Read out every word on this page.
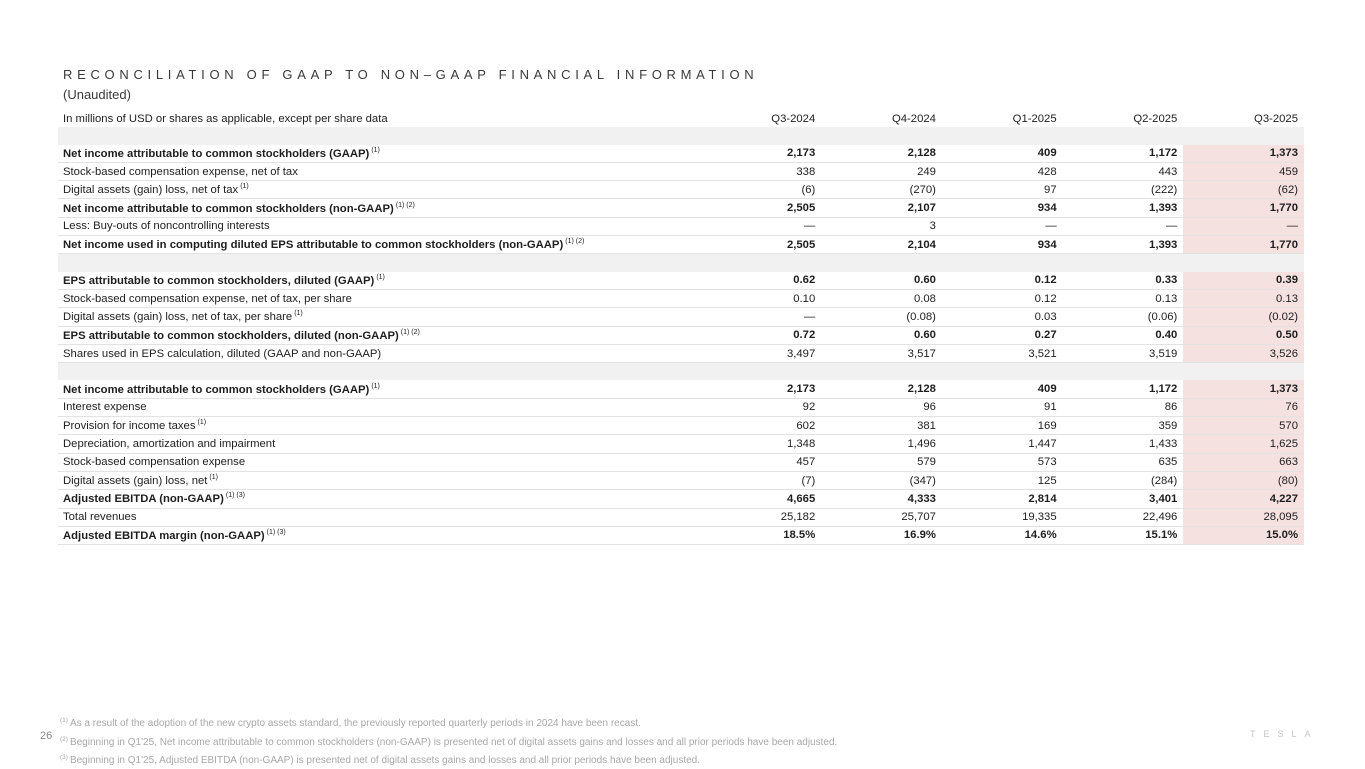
RECONCILIATION OF GAAP TO NON–GAAP FINANCIAL INFORMATION
(Unaudited)
In millions of USD or shares as applicable, except per share data	Q3-2024	Q4-2024	Q1-2025	Q2-2025	Q3-2025

Net income attributable to common stockholders (GAAP) $^{(1)}$	2,173	2,128	409	1,172	1,373
Stock-based compensation expense, net of tax	338	249	428	443	459
Digital assets (gain) loss, net of tax $^{(1)}$	(6)	(270)	97	(222)	(62)
Net income attributable to common stockholders (non-GAAP) $^{(1) (2)}$	2,505	2,107	934	1,393	1,770
Less: Buy-outs of noncontrolling interests	—	3	—	—	—
Net income used in computing diluted EPS attributable to common stockholders (non-GAAP) $^{(1) (2)}$	2,505	2,104	934	1,393	1,770

EPS attributable to common stockholders, diluted (GAAP) $^{(1)}$	0.62	0.60	0.12	0.33	0.39
Stock-based compensation expense, net of tax, per share	0.10	0.08	0.12	0.13	0.13
Digital assets (gain) loss, net of tax, per share $^{(1)}$	—	(0.08)	0.03	(0.06)	(0.02)
EPS attributable to common stockholders, diluted (non-GAAP) $^{(1) (2)}$	0.72	0.60	0.27	0.40	0.50
Shares used in EPS calculation, diluted (GAAP and non-GAAP)	3,497	3,517	3,521	3,519	3,526

Net income attributable to common stockholders (GAAP) $^{(1)}$	2,173	2,128	409	1,172	1,373
Interest expense	92	96	91	86	76
Provision for income taxes $^{(1)}$	602	381	169	359	570
Depreciation, amortization and impairment	1,348	1,496	1,447	1,433	1,625
Stock-based compensation expense	457	579	573	635	663
Digital assets (gain) loss, net $^{(1)}$	(7)	(347)	125	(284)	(80)
Adjusted EBITDA (non-GAAP) $^{(1) (3)}$	4,665	4,333	2,814	3,401	4,227
Total revenues	25,182	25,707	19,335	22,496	28,095
Adjusted EBITDA margin (non-GAAP) $^{(1) (3)}$	18.5%	16.9%	14.6%	15.1%	15.0%
26
$^{(1)}$ As a result of the adoption of the new crypto assets standard, the previously reported quarterly periods in 2024 have been recast.
$^{(2)}$ Beginning in Q1'25, Net income attributable to common stockholders (non-GAAP) is presented net of digital assets gains and losses and all prior periods have been adjusted.
$^{(3)}$ Beginning in Q1'25, Adjusted EBITDA (non-GAAP) is presented net of digital assets gains and losses and all prior periods have been adjusted.
TESLA
